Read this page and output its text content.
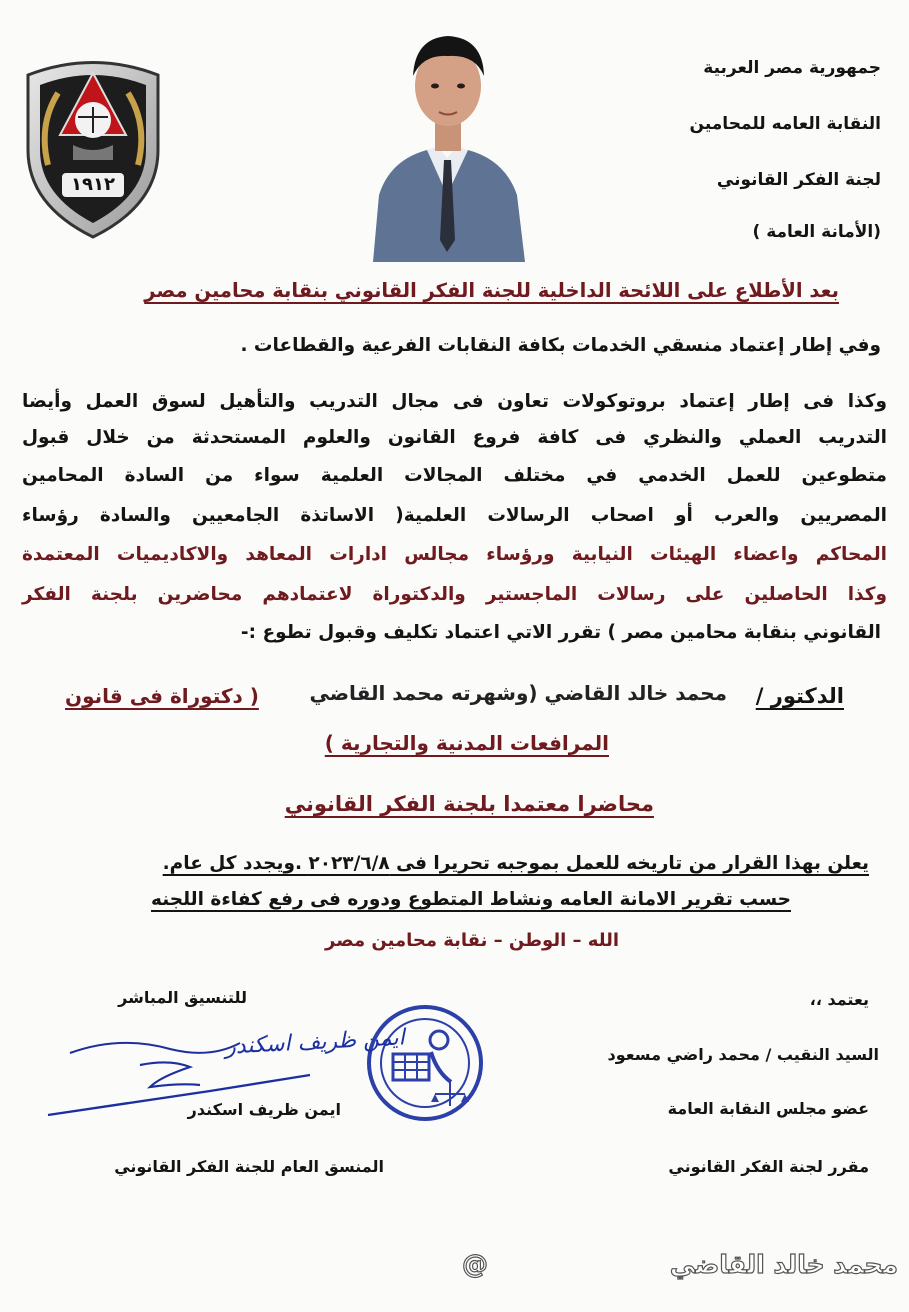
١٩١٢
جمهورية مصر العربية
النقابة العامه للمحامين
لجنة الفكر القانوني
(الأمانة العامة )
بعد الأطلاع على اللائحة الداخلية للجنة الفكر القانوني بنقابة محامين مصر
وفي إطار إعتماد منسقي الخدمات بكافة النقابات الفرعية والقطاعات .
وكذا فى إطار إعتماد بروتوكولات تعاون فى مجال التدريب والتأهيل لسوق العمل وأيضا
التدريب العملي والنظري فى كافة فروع القانون والعلوم المستحدثة من خلال قبول
متطوعين للعمل الخدمي في مختلف المجالات العلمية سواء من السادة المحامين
المصريين والعرب أو اصحاب الرسالات العلمية( الاساتذة الجامعيين والسادة رؤساء
المحاكم واعضاء الهيئات النيابية ورؤساء مجالس ادارات المعاهد والاكاديميات المعتمدة
وكذا الحاصلين على رسالات الماجستير والدكتوراة لاعتمادهم محاضرين بلجنة الفكر
القانوني بنقابة محامين مصر ) تقرر الاتي اعتماد تكليف وقبول تطوع :-
الدكتور /
محمد خالد القاضي (وشهرته محمد القاضي
( دكتوراة فى قانون
المرافعات المدنية والتجارية )
محاضرا معتمدا بلجنة الفكر القانوني
يعلن بهذا القرار من تاريخه للعمل بموجبه تحريرا فى ٢٠٢٣/٦/٨ .ويجدد كل عام.
حسب تقرير الامانة العامه ونشاط المتطوع ودوره فى رفع كفاءة اللجنه
الله – الوطن – نقابة محامين مصر
يعتمد ،،
السيد النقيب / محمد راضي مسعود
عضو مجلس النقابة العامة
مقرر لجنة الفكر القانوني
للتنسيق المباشر
ايمن ظريف اسكندر
ايمن ظريف اسكندر
المنسق العام للجنة الفكر القانوني
@	محمد خالد القاضي
